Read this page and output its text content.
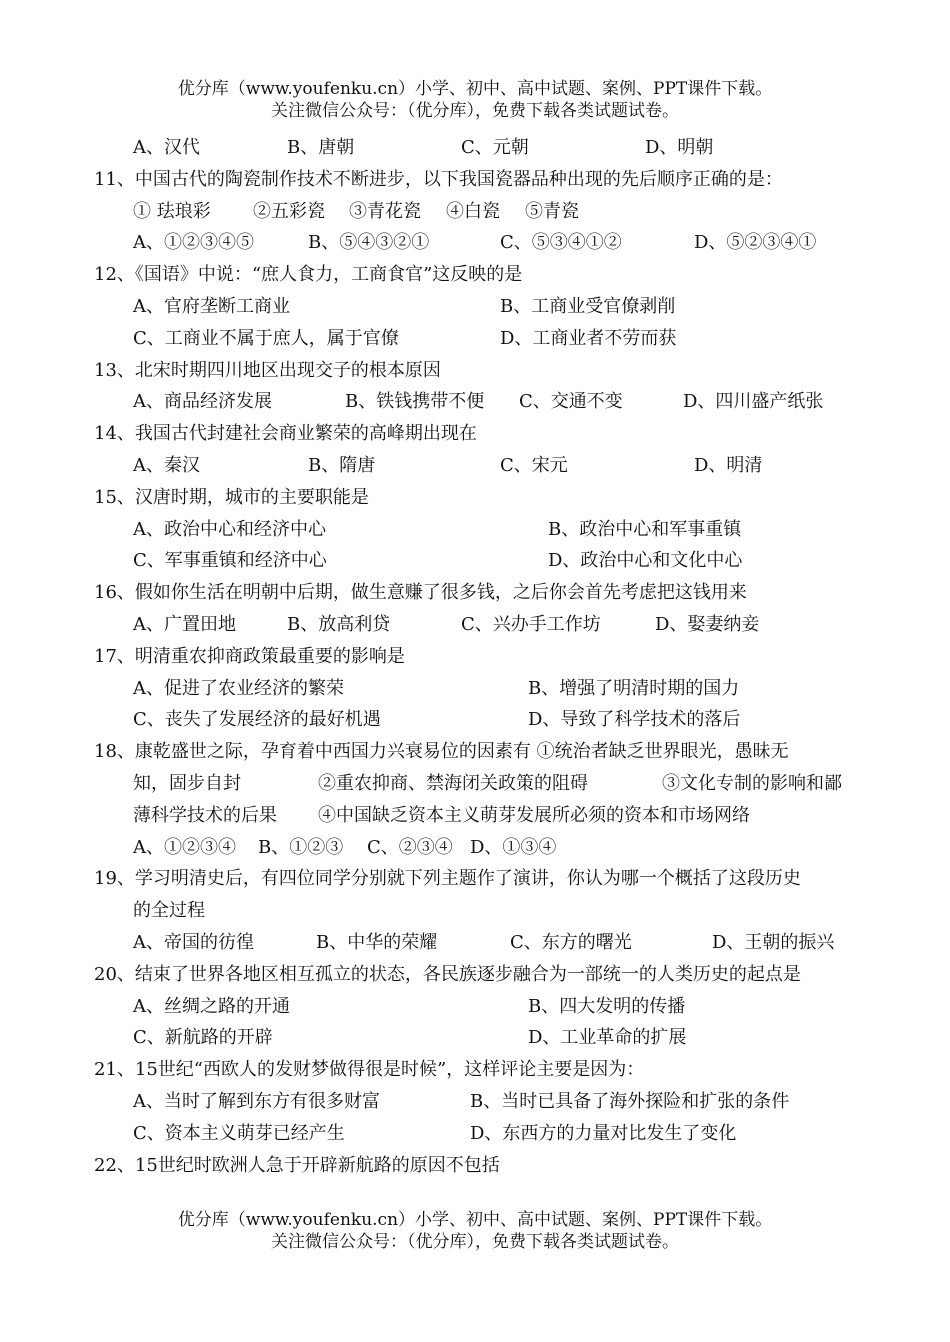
优分库（www.youfenku.cn）小学、初中、高中试题、案例、PPT课件下载。
关注微信公众号：（优分库），免费下载各类试题试卷。
A、汉代	B、唐朝	C、元朝	D、明朝
11、中国古代的陶瓷制作技术不断进步，以下我国瓷器品种出现的先后顺序正确的是：
① 珐琅彩 ②五彩瓷 ③青花瓷 ④白瓷 ⑤青瓷
A、①②③④⑤	B、⑤④③②①	C、⑤③④①②	D、⑤②③④①
12、《国语》中说：“庶人食力，工商食官”这反映的是
A、官府垄断工商业	B、工商业受官僚剥削
C、工商业不属于庶人，属于官僚	D、工商业者不劳而获
13、北宋时期四川地区出现交子的根本原因
A、商品经济发展	B、铁钱携带不便 C、交通不变	D、四川盛产纸张
14、我国古代封建社会商业繁荣的高峰期出现在
A、秦汉	B、隋唐	C、宋元	D、明清
15、汉唐时期，城市的主要职能是
A、政治中心和经济中心	B、政治中心和军事重镇
C、军事重镇和经济中心	D、政治中心和文化中心
16、假如你生活在明朝中后期，做生意赚了很多钱，之后你会首先考虑把这钱用来
A、广置田地	B、放高利贷	C、兴办手工作坊	D、娶妻纳妾
17、明清重农抑商政策最重要的影响是
A、促进了农业经济的繁荣	B、增强了明清时期的国力
C、丧失了发展经济的最好机遇	D、导致了科学技术的落后
18、康乾盛世之际，孕育着中西国力兴衰易位的因素有 ①统治者缺乏世界眼光，愚昧无
知，固步自封	②重农抑商、禁海闭关政策的阻碍	③文化专制的影响和鄙
薄科学技术的后果 ④中国缺乏资本主义萌芽发展所必须的资本和市场网络
A、①②③④ B、①②③ C、②③④ D、①③④
19、学习明清史后，有四位同学分别就下列主题作了演讲，你认为哪一个概括了这段历史
的全过程
A、帝国的彷徨	B、中华的荣耀	C、东方的曙光	D、王朝的振兴
20、结束了世界各地区相互孤立的状态，各民族逐步融合为一部统一的人类历史的起点是
A、丝绸之路的开通	B、四大发明的传播
C、新航路的开辟	D、工业革命的扩展
21、15世纪“西欧人的发财梦做得很是时候”，这样评论主要是因为：
A、当时了解到东方有很多财富	B、当时已具备了海外探险和扩张的条件
C、资本主义萌芽已经产生	D、东西方的力量对比发生了变化
22、15世纪时欧洲人急于开辟新航路的原因不包括
优分库（www.youfenku.cn）小学、初中、高中试题、案例、PPT课件下载。
关注微信公众号：（优分库），免费下载各类试题试卷。
